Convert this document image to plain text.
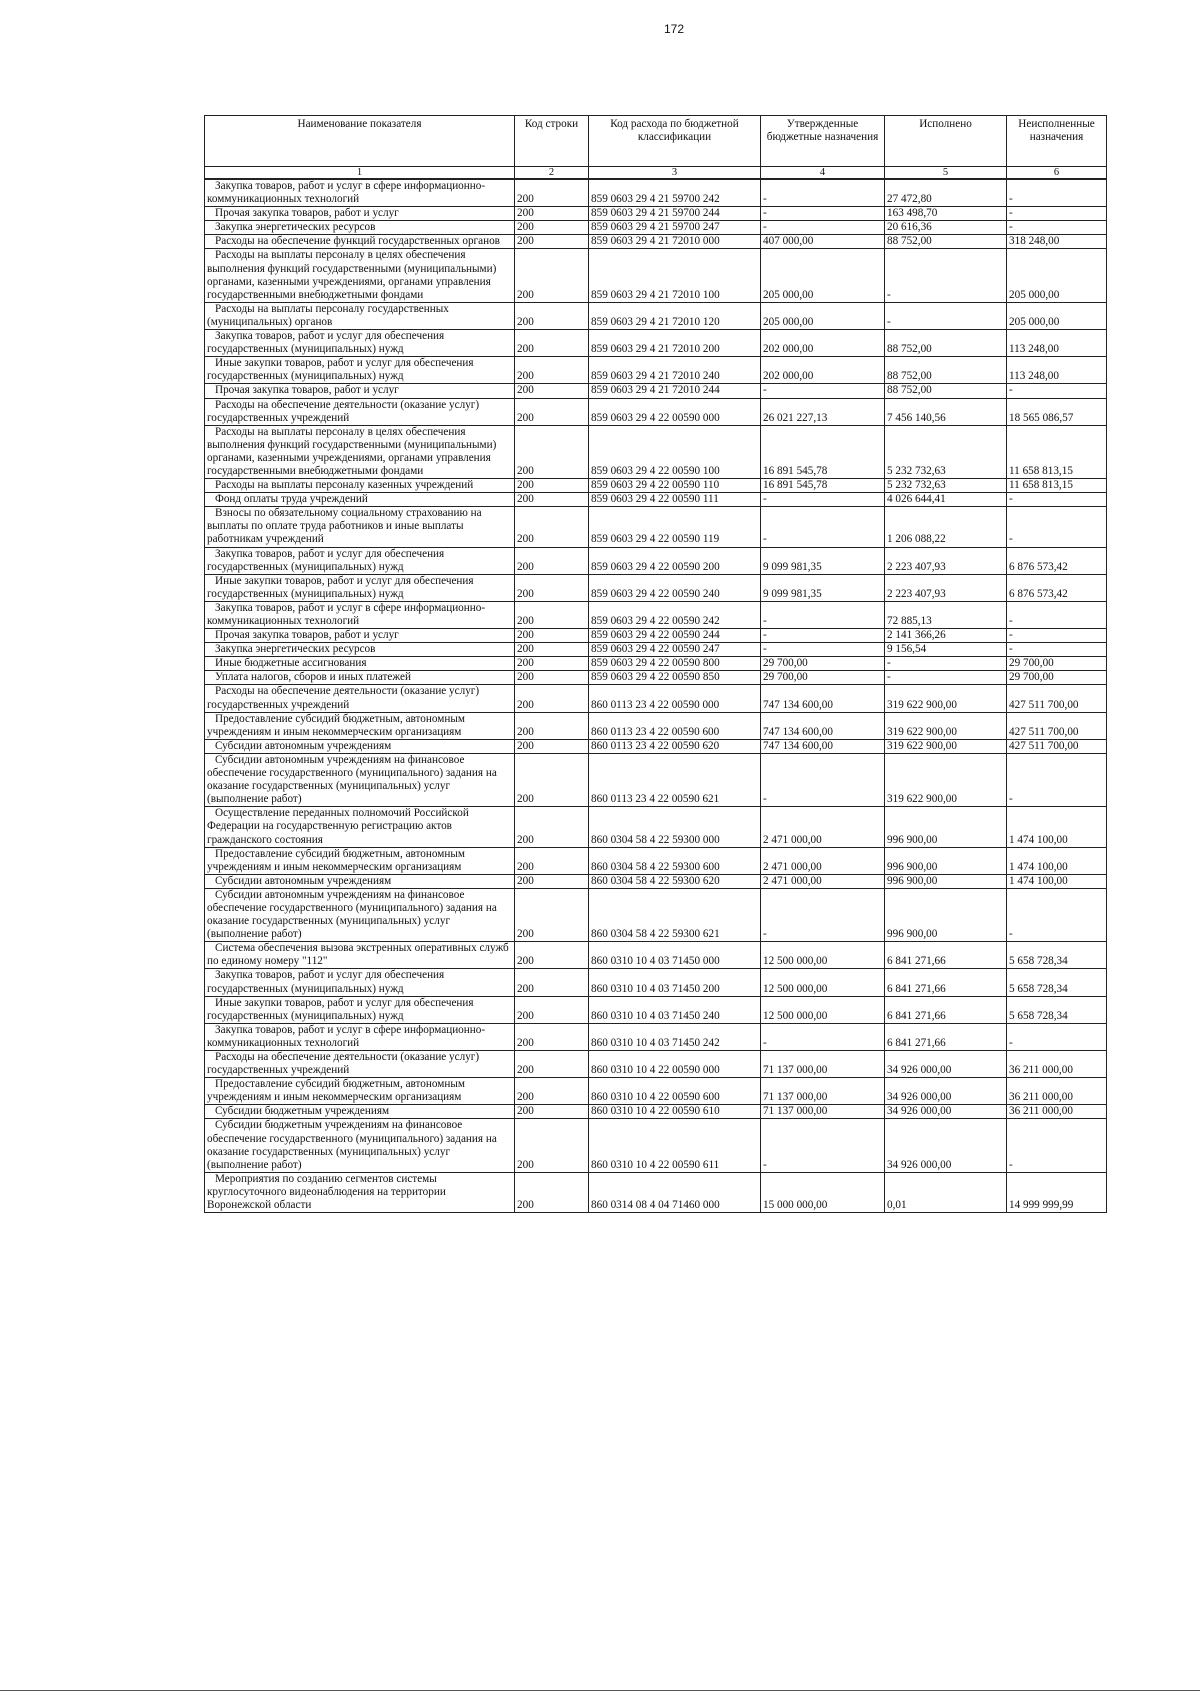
172
Наименование показателя	Код строки	Код расхода по бюджетной классификации	Утвержденные бюджетные назначения	Исполнено	Неисполненные назначения
1	2	3	4	5	6
Закупка товаров, работ и услуг в сфере информационно-коммуникационных технологий	200	859 0603 29 4 21 59700 242	-	27 472,80	-
Прочая закупка товаров, работ и услуг	200	859 0603 29 4 21 59700 244	-	163 498,70	-
Закупка энергетических ресурсов	200	859 0603 29 4 21 59700 247	-	20 616,36	-
Расходы на обеспечение функций государственных органов	200	859 0603 29 4 21 72010 000	407 000,00	88 752,00	318 248,00
Расходы на выплаты персоналу в целях обеспечения выполнения функций государственными (муниципальными) органами, казенными учреждениями, органами управления государственными внебюджетными фондами	200	859 0603 29 4 21 72010 100	205 000,00	-	205 000,00
Расходы на выплаты персоналу государственных (муниципальных) органов	200	859 0603 29 4 21 72010 120	205 000,00	-	205 000,00
Закупка товаров, работ и услуг для обеспечения государственных (муниципальных) нужд	200	859 0603 29 4 21 72010 200	202 000,00	88 752,00	113 248,00
Иные закупки товаров, работ и услуг для обеспечения государственных (муниципальных) нужд	200	859 0603 29 4 21 72010 240	202 000,00	88 752,00	113 248,00
Прочая закупка товаров, работ и услуг	200	859 0603 29 4 21 72010 244	-	88 752,00	-
Расходы на обеспечение деятельности (оказание услуг) государственных учреждений	200	859 0603 29 4 22 00590 000	26 021 227,13	7 456 140,56	18 565 086,57
Расходы на выплаты персоналу в целях обеспечения выполнения функций государственными (муниципальными) органами, казенными учреждениями, органами управления государственными внебюджетными фондами	200	859 0603 29 4 22 00590 100	16 891 545,78	5 232 732,63	11 658 813,15
Расходы на выплаты персоналу казенных учреждений	200	859 0603 29 4 22 00590 110	16 891 545,78	5 232 732,63	11 658 813,15
Фонд оплаты труда учреждений	200	859 0603 29 4 22 00590 111	-	4 026 644,41	-
Взносы по обязательному социальному страхованию на выплаты по оплате труда работников и иные выплаты работникам учреждений	200	859 0603 29 4 22 00590 119	-	1 206 088,22	-
Закупка товаров, работ и услуг для обеспечения государственных (муниципальных) нужд	200	859 0603 29 4 22 00590 200	9 099 981,35	2 223 407,93	6 876 573,42
Иные закупки товаров, работ и услуг для обеспечения государственных (муниципальных) нужд	200	859 0603 29 4 22 00590 240	9 099 981,35	2 223 407,93	6 876 573,42
Закупка товаров, работ и услуг в сфере информационно-коммуникационных технологий	200	859 0603 29 4 22 00590 242	-	72 885,13	-
Прочая закупка товаров, работ и услуг	200	859 0603 29 4 22 00590 244	-	2 141 366,26	-
Закупка энергетических ресурсов	200	859 0603 29 4 22 00590 247	-	9 156,54	-
Иные бюджетные ассигнования	200	859 0603 29 4 22 00590 800	29 700,00	-	29 700,00
Уплата налогов, сборов и иных платежей	200	859 0603 29 4 22 00590 850	29 700,00	-	29 700,00
Расходы на обеспечение деятельности (оказание услуг) государственных учреждений	200	860 0113 23 4 22 00590 000	747 134 600,00	319 622 900,00	427 511 700,00
Предоставление субсидий бюджетным, автономным учреждениям и иным некоммерческим организациям	200	860 0113 23 4 22 00590 600	747 134 600,00	319 622 900,00	427 511 700,00
Субсидии автономным учреждениям	200	860 0113 23 4 22 00590 620	747 134 600,00	319 622 900,00	427 511 700,00
Субсидии автономным учреждениям на финансовое обеспечение государственного (муниципального) задания на оказание государственных (муниципальных) услуг (выполнение работ)	200	860 0113 23 4 22 00590 621	-	319 622 900,00	-
Осуществление переданных полномочий Российской Федерации на государственную регистрацию актов гражданского состояния	200	860 0304 58 4 22 59300 000	2 471 000,00	996 900,00	1 474 100,00
Предоставление субсидий бюджетным, автономным учреждениям и иным некоммерческим организациям	200	860 0304 58 4 22 59300 600	2 471 000,00	996 900,00	1 474 100,00
Субсидии автономным учреждениям	200	860 0304 58 4 22 59300 620	2 471 000,00	996 900,00	1 474 100,00
Субсидии автономным учреждениям на финансовое обеспечение государственного (муниципального) задания на оказание государственных (муниципальных) услуг (выполнение работ)	200	860 0304 58 4 22 59300 621	-	996 900,00	-
Система обеспечения вызова экстренных оперативных служб по единому номеру "112"	200	860 0310 10 4 03 71450 000	12 500 000,00	6 841 271,66	5 658 728,34
Закупка товаров, работ и услуг для обеспечения государственных (муниципальных) нужд	200	860 0310 10 4 03 71450 200	12 500 000,00	6 841 271,66	5 658 728,34
Иные закупки товаров, работ и услуг для обеспечения государственных (муниципальных) нужд	200	860 0310 10 4 03 71450 240	12 500 000,00	6 841 271,66	5 658 728,34
Закупка товаров, работ и услуг в сфере информационно-коммуникационных технологий	200	860 0310 10 4 03 71450 242	-	6 841 271,66	-
Расходы на обеспечение деятельности (оказание услуг) государственных учреждений	200	860 0310 10 4 22 00590 000	71 137 000,00	34 926 000,00	36 211 000,00
Предоставление субсидий бюджетным, автономным учреждениям и иным некоммерческим организациям	200	860 0310 10 4 22 00590 600	71 137 000,00	34 926 000,00	36 211 000,00
Субсидии бюджетным учреждениям	200	860 0310 10 4 22 00590 610	71 137 000,00	34 926 000,00	36 211 000,00
Субсидии бюджетным учреждениям на финансовое обеспечение государственного (муниципального) задания на оказание государственных (муниципальных) услуг (выполнение работ)	200	860 0310 10 4 22 00590 611	-	34 926 000,00	-
Мероприятия по созданию сегментов системы круглосуточного видеонаблюдения на территории Воронежской области	200	860 0314 08 4 04 71460 000	15 000 000,00	0,01	14 999 999,99
